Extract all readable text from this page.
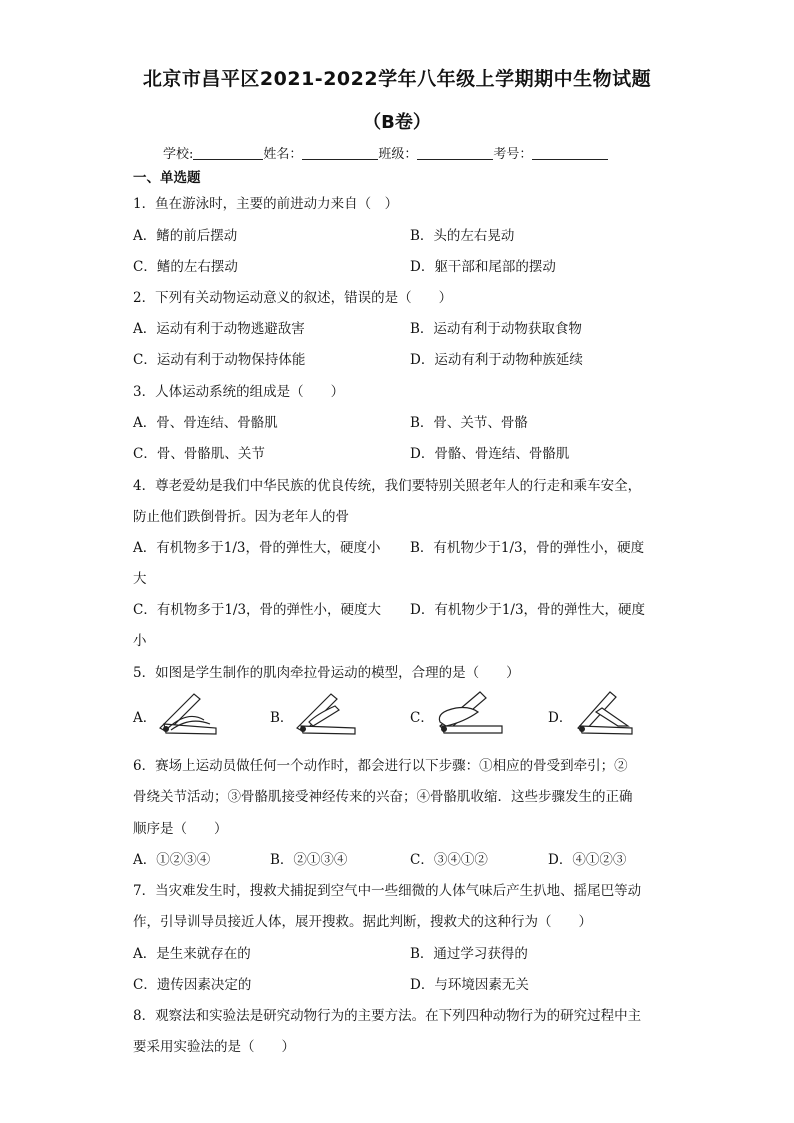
北京市昌平区2021-2022学年八年级上学期期中生物试题
（B卷）
学校:	姓名：	班级：	考号：
一、单选题
1．鱼在游泳时，主要的前进动力来自（　）
A．鳍的前后摆动	B．头的左右晃动
C．鳍的左右摆动	D．躯干部和尾部的摆动
2．下列有关动物运动意义的叙述，错误的是（　　）
A．运动有利于动物逃避敌害	B．运动有利于动物获取食物
C．运动有利于动物保持体能	D．运动有利于动物种族延续
3．人体运动系统的组成是（　　）
A．骨、骨连结、骨骼肌	B．骨、关节、骨骼
C．骨、骨骼肌、关节	D．骨骼、骨连结、骨骼肌
4．尊老爱幼是我们中华民族的优良传统，我们要特别关照老年人的行走和乘车安全，
防止他们跌倒骨折。因为老年人的骨
A．有机物多于1/3，骨的弹性大，硬度小 B．有机物少于1/3，骨的弹性小，硬度
大
C．有机物多于1/3，骨的弹性小，硬度大 D．有机物少于1/3，骨的弹性大，硬度
小
5．如图是学生制作的肌肉牵拉骨运动的模型，合理的是（　　）
A．	B．	C．	D．
6．赛场上运动员做任何一个动作时，都会进行以下步骤：①相应的骨受到牵引；②
骨绕关节活动；③骨骼肌接受神经传来的兴奋；④骨骼肌收缩．这些步骤发生的正确
顺序是（　　）
A．①②③④	B．②①③④	C．③④①②	D．④①②③
7．当灾难发生时，搜救犬捕捉到空气中一些细微的人体气味后产生扒地、摇尾巴等动
作，引导训导员接近人体，展开搜救。据此判断，搜救犬的这种行为（　　）
A．是生来就存在的	B．通过学习获得的
C．遗传因素决定的	D．与环境因素无关
8．观察法和实验法是研究动物行为的主要方法。在下列四种动物行为的研究过程中主
要采用实验法的是（　　）
